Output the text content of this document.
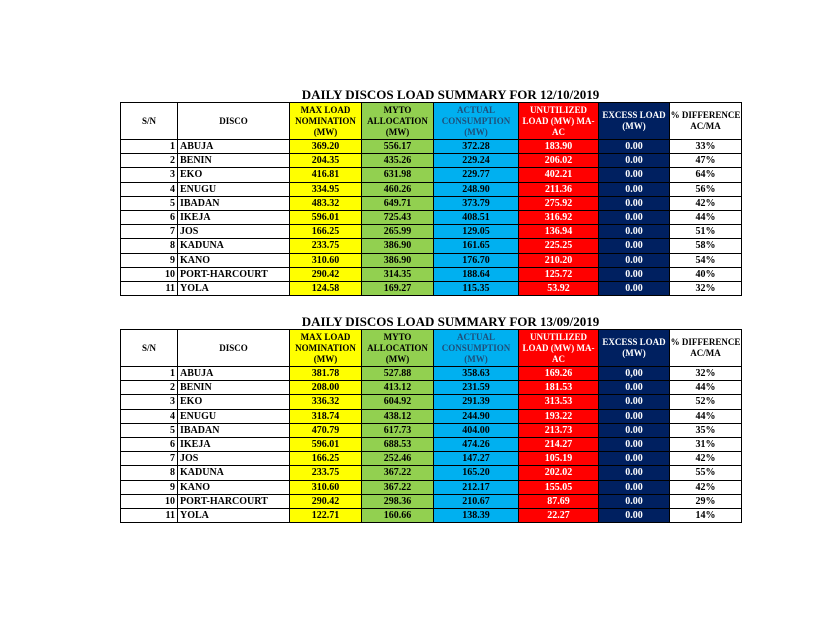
DAILY DISCOS LOAD SUMMARY FOR 12/10/2019
S/N	DISCO	MAX LOAD NOMINATION (MW)	MYTO ALLOCATION (MW)	ACTUAL CONSUMPTION (MW)	UNUTILIZED LOAD (MW) MA-AC	EXCESS LOAD (MW)	% DIFFERENCE AC/MA
1	ABUJA	369.20	556.17	372.28	183.90	0.00	33%
2	BENIN	204.35	435.26	229.24	206.02	0.00	47%
3	EKO	416.81	631.98	229.77	402.21	0.00	64%
4	ENUGU	334.95	460.26	248.90	211.36	0.00	56%
5	IBADAN	483.32	649.71	373.79	275.92	0.00	42%
6	IKEJA	596.01	725.43	408.51	316.92	0.00	44%
7	JOS	166.25	265.99	129.05	136.94	0.00	51%
8	KADUNA	233.75	386.90	161.65	225.25	0.00	58%
9	KANO	310.60	386.90	176.70	210.20	0.00	54%
10	PORT-HARCOURT	290.42	314.35	188.64	125.72	0.00	40%
11	YOLA	124.58	169.27	115.35	53.92	0.00	32%
DAILY DISCOS LOAD SUMMARY FOR 13/09/2019
S/N	DISCO	MAX LOAD NOMINATION (MW)	MYTO ALLOCATION (MW)	ACTUAL CONSUMPTION (MW)	UNUTILIZED LOAD (MW) MA-AC	EXCESS LOAD (MW)	% DIFFERENCE AC/MA
1	ABUJA	381.78	527.88	358.63	169.26	0,00	32%
2	BENIN	208.00	413.12	231.59	181.53	0.00	44%
3	EKO	336.32	604.92	291.39	313.53	0.00	52%
4	ENUGU	318.74	438.12	244.90	193.22	0.00	44%
5	IBADAN	470.79	617.73	404.00	213.73	0.00	35%
6	IKEJA	596.01	688.53	474.26	214.27	0.00	31%
7	JOS	166.25	252.46	147.27	105.19	0.00	42%
8	KADUNA	233.75	367.22	165.20	202.02	0.00	55%
9	KANO	310.60	367.22	212.17	155.05	0.00	42%
10	PORT-HARCOURT	290.42	298.36	210.67	87.69	0.00	29%
11	YOLA	122.71	160.66	138.39	22.27	0.00	14%
